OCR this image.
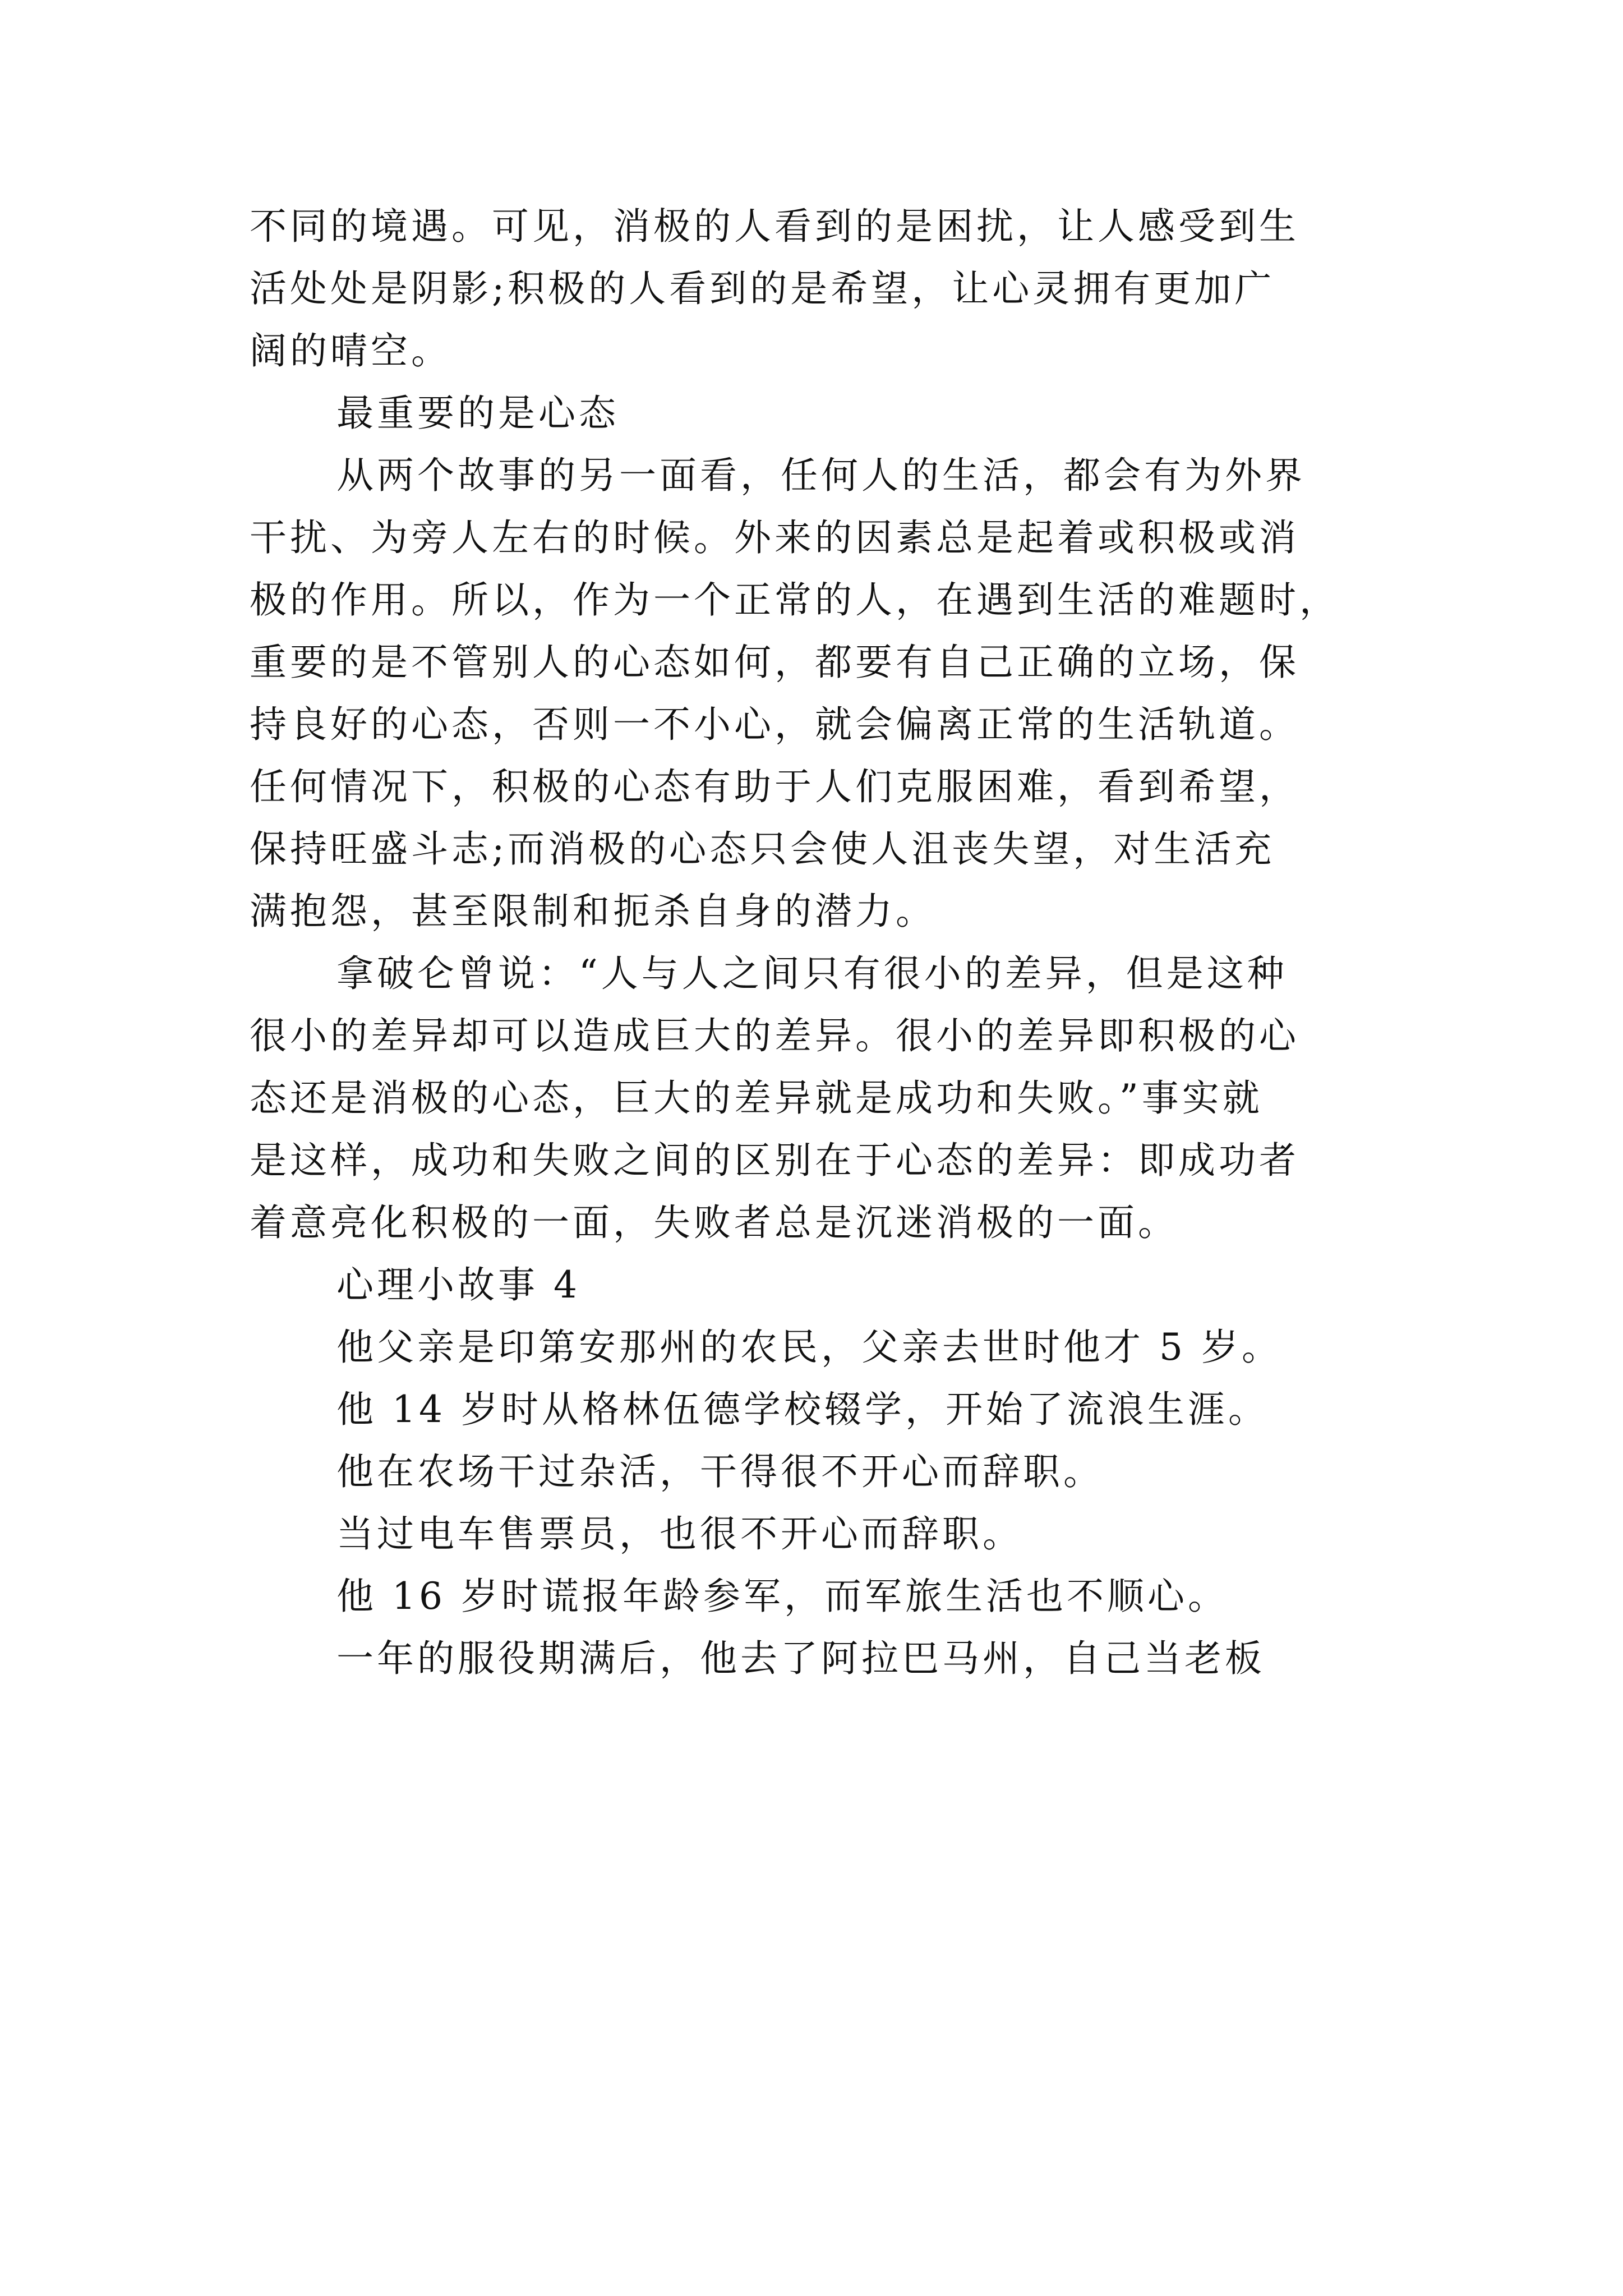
不同的境遇。可见，消极的人看到的是困扰，让人感受到生
活处处是阴影;积极的人看到的是希望，让心灵拥有更加广
阔的晴空。
最重要的是心态
从两个故事的另一面看，任何人的生活，都会有为外界
干扰、为旁人左右的时候。外来的因素总是起着或积极或消
极的作用。所以，作为一个正常的人，在遇到生活的难题时，
重要的是不管别人的心态如何，都要有自己正确的立场，保
持良好的心态，否则一不小心，就会偏离正常的生活轨道。
任何情况下，积极的心态有助于人们克服困难，看到希望，
保持旺盛斗志;而消极的心态只会使人沮丧失望，对生活充
满抱怨，甚至限制和扼杀自身的潜力。
拿破仑曾说：“人与人之间只有很小的差异，但是这种
很小的差异却可以造成巨大的差异。很小的差异即积极的心
态还是消极的心态，巨大的差异就是成功和失败。”事实就
是这样，成功和失败之间的区别在于心态的差异：即成功者
着意亮化积极的一面，失败者总是沉迷消极的一面。
心理小故事 4
他父亲是印第安那州的农民，父亲去世时他才 5 岁。
他 14 岁时从格林伍德学校辍学，开始了流浪生涯。
他在农场干过杂活，干得很不开心而辞职。
当过电车售票员，也很不开心而辞职。
他 16 岁时谎报年龄参军，而军旅生活也不顺心。
一年的服役期满后，他去了阿拉巴马州，自己当老板
